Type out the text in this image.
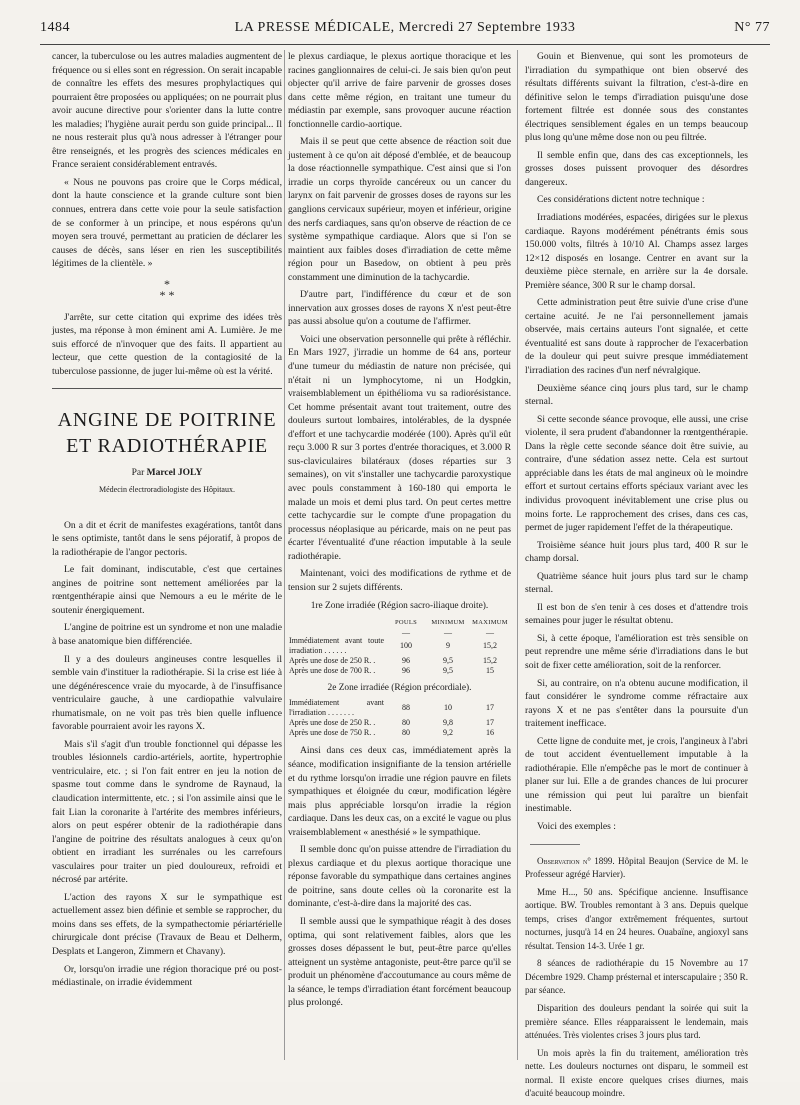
1484	LA PRESSE MÉDICALE, Mercredi 27 Septembre 1933	N° 77

cancer, la tuberculose ou les autres maladies augmentent de fréquence ou si elles sont en régression. On serait incapable de connaître les effets des mesures prophylactiques qui pourraient être proposées ou appliquées; on ne pourrait plus avoir aucune directive pour s'orienter dans la lutte contre les maladies; l'hygiène aurait perdu son guide principal... Il ne nous resterait plus qu'à nous adresser à l'étranger pour être renseignés, et les progrès des sciences médicales en France seraient considérablement entravés.

« Nous ne pouvons pas croire que le Corps médical, dont la haute conscience et la grande culture sont bien connues, entrera dans cette voie pour la seule satisfaction de se conformer à un principe, et nous espérons qu'un moyen sera trouvé, permettant au praticien de déclarer les causes de décès, sans léser en rien les susceptibilités légitimes de la clientèle. »

*
* *

J'arrête, sur cette citation qui exprime des idées très justes, ma réponse à mon éminent ami A. Lumière. Je me suis efforcé de n'invoquer que des faits. Il appartient au lecteur, que cette question de la contagiosité de la tuberculose passionne, de juger lui-même où est la vérité.

ANGINE DE POITRINE
ET RADIOTHÉRAPIE
Par Marcel JOLY
Médecin électroradiologiste des Hôpitaux.

On a dit et écrit de manifestes exagérations, tantôt dans le sens optimiste, tantôt dans le sens péjoratif, à propos de la radiothérapie de l'angor pectoris.

Le fait dominant, indiscutable, c'est que certaines angines de poitrine sont nettement améliorées par la rœntgenthérapie ainsi que Nemours a eu le mérite de le soutenir énergiquement.

L'angine de poitrine est un syndrome et non une maladie à base anatomique bien différenciée.

Il y a des douleurs angineuses contre lesquelles il semble vain d'instituer la radiothérapie. Si la crise est liée à une dégénérescence vraie du myocarde, à de l'insuffisance ventriculaire gauche, à une cardiopathie valvulaire rhumatismale, on ne voit pas très bien quelle influence favorable pourraient avoir les rayons X.

Mais s'il s'agit d'un trouble fonctionnel qui dépasse les troubles lésionnels cardio-artériels, aortite, hypertrophie ventriculaire, etc. ; si l'on fait entrer en jeu la notion de spasme tout comme dans le syndrome de Raynaud, la claudication intermittente, etc. ; si l'on assimile ainsi que le fait Lian la coronarite à l'artérite des membres inférieurs, alors on peut espérer obtenir de la radiothérapie dans l'angine de poitrine des résultats analogues à ceux qu'on obtient en irradiant les surrénales ou les carrefours vasculaires pour traiter un pied douloureux, refroidi et nécrosé par artérite.

L'action des rayons X sur le sympathique est actuellement assez bien définie et semble se rapprocher, du moins dans ses effets, de la sympathectomie périartérielle chirurgicale dont précise (Travaux de Beau et Delherm, Desplats et Langeron, Zimmern et Chavany).

Or, lorsqu'on irradie une région thoracique pré ou post-médiastinale, on irradie évidemment

le plexus cardiaque, le plexus aortique thoracique et les racines ganglionnaires de celui-ci. Je sais bien qu'on peut objecter qu'il arrive de faire parvenir de grosses doses dans cette même région, en traitant une tumeur du médiastin par exemple, sans provoquer aucune réaction fonctionnelle cardio-aortique.

Mais il se peut que cette absence de réaction soit due justement à ce qu'on ait déposé d'emblée, et de beaucoup la dose réactionnelle sympathique. C'est ainsi que si l'on irradie un corps thyroïde cancéreux ou un cancer du larynx on fait parvenir de grosses doses de rayons sur les ganglions cervicaux supérieur, moyen et inférieur, origine des nerfs cardiaques, sans qu'on observe de réaction de ce système sympathique cardiaque. Alors que si l'on se maintient aux faibles doses d'irradiation de cette même région pour un Basedow, on obtient à peu près constamment une diminution de la tachycardie.

D'autre part, l'indifférence du cœur et de son innervation aux grosses doses de rayons X n'est peut-être pas aussi absolue qu'on a coutume de l'affirmer.

Voici une observation personnelle qui prête à réfléchir. En Mars 1927, j'irradie un homme de 64 ans, porteur d'une tumeur du médiastin de nature non précisée, qui n'était ni un lymphocytome, ni un Hodgkin, vraisemblablement un épithélioma vu sa radiorésistance. Cet homme présentait avant tout traitement, outre des douleurs surtout lombaires, intolérables, de la dyspnée d'effort et une tachycardie modérée (100). Après qu'il eût reçu 3.000 R sur 3 portes d'entrée thoraciques, et 3.000 R sus-claviculaires bilatéraux (doses réparties sur 3 semaines), on vit s'installer une tachycardie paroxystique avec pouls constamment à 160-180 qui emporta le malade un mois et demi plus tard. On peut certes mettre cette tachycardie sur le compte d'une propagation du processus néoplasique au péricarde, mais on ne peut pas écarter l'éventualité d'une réaction imputable à la seule radiothérapie.

Maintenant, voici des modifications de rythme et de tension sur 2 sujets différents.

1re Zone irradiée (Région sacro-iliaque droite).
	POULS	MINIMUM	MAXIMUM
	—	—	—
Immédiatement avant toute irradiation . . . . . .	100	9	15,2
Après une dose de 250 R. .	96	9,5	15,2
Après une dose de 700 R. .	96	9,5	15
2e Zone irradiée (Région précordiale).
Immédiatement avant l'irradiation . . . . . . .	88	10	17
Après une dose de 250 R. .	80	9,8	17
Après une dose de 750 R. .	80	9,2	16

Ainsi dans ces deux cas, immédiatement après la séance, modification insignifiante de la tension artérielle et du rythme lorsqu'on irradie une région pauvre en filets sympathiques et éloignée du cœur, modification légère mais plus appréciable lorsqu'on irradie la région cardiaque. Dans les deux cas, on a excité le vague ou plus vraisemblablement « anesthésié » le sympathique.

Il semble donc qu'on puisse attendre de l'irradiation du plexus cardiaque et du plexus aortique thoracique une réponse favorable du sympathique dans certaines angines de poitrine, sans doute celles où la coronarite est la dominante, c'est-à-dire dans la majorité des cas.

Il semble aussi que le sympathique réagit à des doses optima, qui sont relativement faibles, alors que les grosses doses dépassent le but, peut-être parce qu'elles atteignent un système antagoniste, peut-être parce qu'il se produit un phénomène d'accoutumance au cours même de la séance, le temps d'irradiation étant forcément beaucoup plus prolongé.

Gouin et Bienvenue, qui sont les promoteurs de l'irradiation du sympathique ont bien observé des résultats différents suivant la filtration, c'est-à-dire en définitive selon le temps d'irradiation puisqu'une dose fortement filtrée est donnée sous des constantes électriques sensiblement égales en un temps beaucoup plus long qu'une même dose non ou peu filtrée.

Il semble enfin que, dans des cas exceptionnels, les grosses doses puissent provoquer des désordres dangereux.

Ces considérations dictent notre technique :

Irradiations modérées, espacées, dirigées sur le plexus cardiaque. Rayons modérément pénétrants émis sous 150.000 volts, filtrés à 10/10 Al. Champs assez larges 12×12 disposés en losange. Centrer en avant sur la deuxième pièce sternale, en arrière sur la 4e dorsale. Première séance, 300 R sur le champ dorsal.

Cette administration peut être suivie d'une crise d'une certaine acuité. Je ne l'ai personnellement jamais observée, mais certains auteurs l'ont signalée, et cette éventualité est sans doute à rapprocher de l'exacerbation de la douleur qui peut suivre presque immédiatement l'irradiation des racines d'un nerf névralgique.

Deuxième séance cinq jours plus tard, sur le champ sternal.

Si cette seconde séance provoque, elle aussi, une crise violente, il sera prudent d'abandonner la rœntgenthérapie. Dans la règle cette seconde séance doit être suivie, au contraire, d'une sédation assez nette. Cela est surtout appréciable dans les états de mal angineux où le moindre effort et surtout certains efforts spéciaux variant avec les individus provoquent inévitablement une crise plus ou moins forte. Le rapprochement des crises, dans ces cas, permet de juger rapidement l'effet de la thérapeutique.

Troisième séance huit jours plus tard, 400 R sur le champ dorsal.

Quatrième séance huit jours plus tard sur le champ sternal.

Il est bon de s'en tenir à ces doses et d'attendre trois semaines pour juger le résultat obtenu.

Si, à cette époque, l'amélioration est très sensible on peut reprendre une même série d'irradiations dans le but soit de fixer cette amélioration, soit de la renforcer.

Si, au contraire, on n'a obtenu aucune modification, il faut considérer le syndrome comme réfractaire aux rayons X et ne pas s'entêter dans la poursuite d'un traitement inefficace.

Cette ligne de conduite met, je crois, l'angineux à l'abri de tout accident éventuellement imputable à la radiothérapie. Elle n'empêche pas le mort de continuer à planer sur lui. Elle a de grandes chances de lui procurer une rémission qui peut lui paraître un bienfait inestimable.

Voici des exemples :

Observation n° 1899. Hôpital Beaujon (Service de M. le Professeur agrégé Harvier).

Mme H..., 50 ans. Spécifique ancienne. Insuffisance aortique. BW. Troubles remontant à 3 ans. Depuis quelque temps, crises d'angor extrêmement fréquentes, surtout nocturnes, jusqu'à 14 en 24 heures. Ouabaïne, angioxyl sans résultat. Tension 14-3. Urée 1 gr.

8 séances de radiothérapie du 15 Novembre au 17 Décembre 1929. Champ présternal et interscapulaire ; 350 R. par séance.

Disparition des douleurs pendant la soirée qui suit la première séance. Elles réapparaissent le lendemain, mais atténuées. Très violentes crises 3 jours plus tard.

Un mois après la fin du traitement, amélioration très nette. Les douleurs nocturnes ont disparu, le sommeil est normal. Il existe encore quelques crises diurnes, mais d'acuité beaucoup moindre.
